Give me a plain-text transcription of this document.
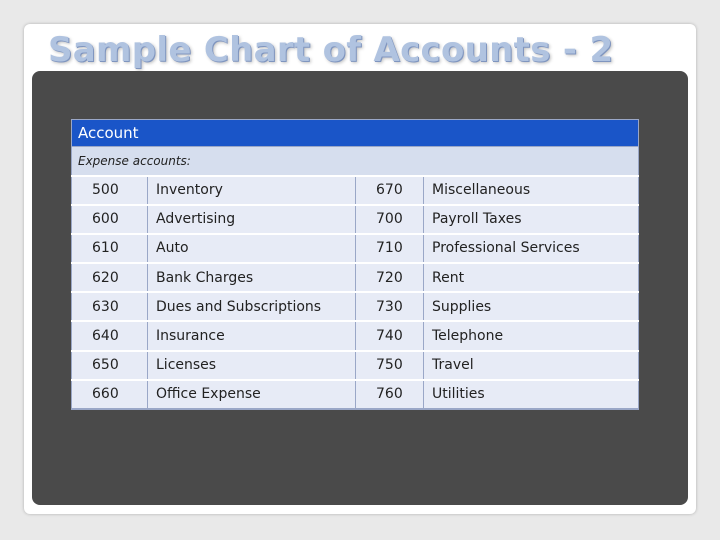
Sample Chart of Accounts - 2
Account			
Expense accounts:			
500	Inventory	670	Miscellaneous
600	Advertising	700	Payroll Taxes
610	Auto	710	Professional Services
620	Bank Charges	720	Rent
630	Dues and Subscriptions	730	Supplies
640	Insurance	740	Telephone
650	Licenses	750	Travel
660	Office Expense	760	Utilities
